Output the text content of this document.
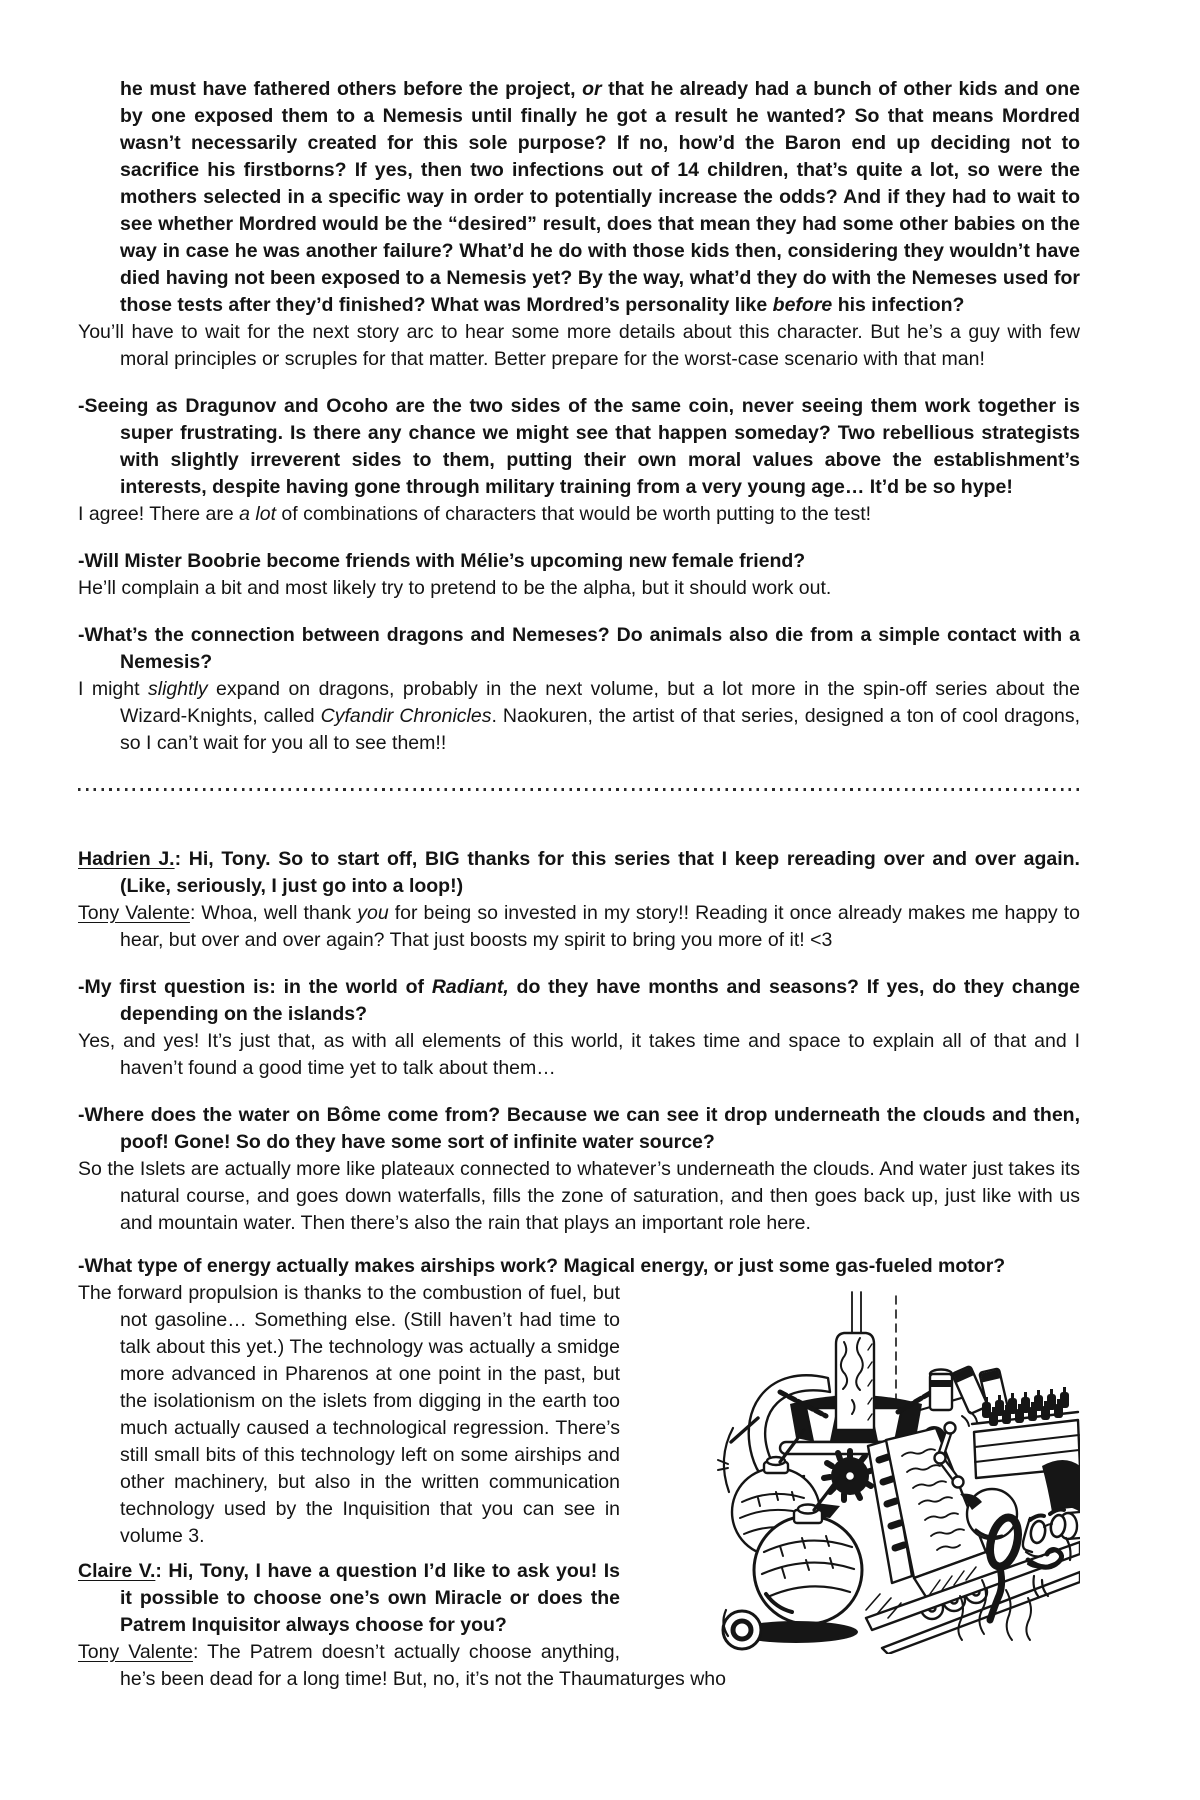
he must have fathered others before the project, or that he already had a bunch of other kids and one by one exposed them to a Nemesis until finally he got a result he wanted? So that means Mordred wasn’t necessarily created for this sole purpose? If no, how’d the Baron end up deciding not to sacrifice his firstborns? If yes, then two infections out of 14 children, that’s quite a lot, so were the mothers selected in a specific way in order to potentially increase the odds? And if they had to wait to see whether Mordred would be the “desired” result, does that mean they had some other babies on the way in case he was another failure? What’d he do with those kids then, considering they wouldn’t have died having not been exposed to a Nemesis yet? By the way, what’d they do with the Nemeses used for those tests after they’d finished? What was Mordred’s personality like before his infection?

You’ll have to wait for the next story arc to hear some more details about this character. But he’s a guy with few moral principles or scruples for that matter. Better prepare for the worst-case scenario with that man!

-Seeing as Dragunov and Ocoho are the two sides of the same coin, never seeing them work together is super frustrating. Is there any chance we might see that happen someday? Two rebellious strategists with slightly irreverent sides to them, putting their own moral values above the establishment’s interests, despite having gone through military training from a very young age… It’d be so hype!

I agree! There are a lot of combinations of characters that would be worth putting to the test!

-Will Mister Boobrie become friends with Mélie’s upcoming new female friend?

He’ll complain a bit and most likely try to pretend to be the alpha, but it should work out.

-What’s the connection between dragons and Nemeses? Do animals also die from a simple contact with a Nemesis?

I might slightly expand on dragons, probably in the next volume, but a lot more in the spin-off series about the Wizard-Knights, called Cyfandir Chronicles. Naokuren, the artist of that series, designed a ton of cool dragons, so I can’t wait for you all to see them!!

Hadrien J.: Hi, Tony. So to start off, BIG thanks for this series that I keep rereading over and over again. (Like, seriously, I just go into a loop!)

Tony Valente: Whoa, well thank you for being so invested in my story!! Reading it once already makes me happy to hear, but over and over again? That just boosts my spirit to bring you more of it! <3

-My first question is: in the world of Radiant, do they have months and seasons? If yes, do they change depending on the islands?

Yes, and yes! It’s just that, as with all elements of this world, it takes time and space to explain all of that and I haven’t found a good time yet to talk about them…

-Where does the water on Bôme come from? Because we can see it drop underneath the clouds and then, poof! Gone! So do they have some sort of infinite water source?

So the Islets are actually more like plateaux connected to whatever’s underneath the clouds. And water just takes its natural course, and goes down waterfalls, fills the zone of saturation, and then goes back up, just like with us and mountain water. Then there’s also the rain that plays an important role here.

-What type of energy actually makes airships work? Magical energy, or just some gas-fueled motor?

The forward propulsion is thanks to the combustion of fuel, but not gasoline… Something else. (Still haven’t had time to talk about this yet.) The technology was actually a smidge more advanced in Pharenos at one point in the past, but the isolationism on the islets from digging in the earth too much actually caused a technological regression. There’s still small bits of this technology left on some airships and other machinery, but also in the written communication technology used by the Inquisition that you can see in volume 3.

Claire V.: Hi, Tony, I have a question I’d like to ask you! Is it possible to choose one’s own Miracle or does the Patrem Inquisitor always choose for you?

Tony Valente: The Patrem doesn’t actually choose anything, he’s been dead for a long time! But, no, it’s not the Thaumaturges who
